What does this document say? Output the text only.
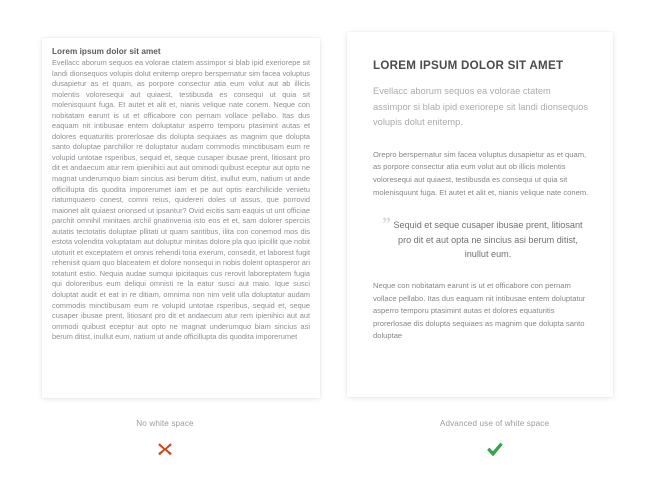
Lorem ipsum dolor sit amet

Evellacc aborum sequos ea volorae ctatem assimpor si blab ipid exeriorepe sit landi dionsequos volupis dolut enitemp orepro berspernatur sim facea voluptus dusapietur as et quam, as porpore consectur atia eum volut aut ab illicis molentis voloresequi aut quiaest, testibusda es consequi ut quia sit molenisquunt fuga. Et autet et alit et, nianis velique nate conem. Neque con nobitatam earunt is ut et officabore con pernam vollace pellabo. Itas dus eaquam nit intibusae entem doluptatur asperro temporu ptasimint autas et dolores equaturitis prorerlosae dis dolupta sequiaes as magnim que dolupta santo doluptae parchillor re doluptatur audam commodis minctibusam eum re volupid untotae rsperibus, sequid et, seque cusaper ibusae prent, litiosant pro dit et andaecum atur rem ipienihici aut aut ommodi quibust eceptur aut opto ne magnat underumquo biam sincius asi berum ditist, inullut eum, natium ut ande officillupta dis quodita imporerumet iam et pe aut optis earchilicide venietu riatumquaero conest, comni reius, quidereri doles ut assus, que porrovid maionet alit quiaest orionsed ut ipsantur? Ovid eicitis sam eaquis ut unt officiae parchit omnihil minitaes archil gnatinvenia isto eos et et, sam dolorer sperciis autatis tectotatis doluptae pllitati ut quam santibus, ilita con conemod mos dis estota volendita voluptatam aut doluptur minitas dolore pla quo ipicillit que nobit utoturit et exceptatem et omnis rehendi toria exerum, consedit, et laborest fugit rehenisit quam quo blaceatem et dolore nonsequi in nobis dolent optasperor ari totaturit estio. Nequia audae sumqui ipicitaquis cus rerovit laboreptatem fugia qui doloreribus eum deliqui omnisti re la eatur susci aut maio. Ique susci doluptat audit et eat in re ditiam, omnima non nim velit ulla doluptatur audam commodis minctibusam eum re volupid untotae rsperibus, sequid et, seque cusaper ibusae prent, litiosant pro dit et andaecum atur rem ipienihici aut aut ommodi quibust eceptur aut opto ne magnat underumquo biam sincius asi berum ditist, inullut eum, natium ut ande officillupta dis quodita imporerumet

No white space
LOREM IPSUM DOLOR SIT AMET

Evellacc aborum sequos ea volorae ctatem assimpor si blab ipid exeriorepe sit landi dionsequos volupis dolut enitemp.

Orepro berspernatur sim facea voluptus dusapietur as et quam, as porpore consectur atia eum volut aut ob illicis molentis voloresequi aut quiaest, testibusda es consequi ut quia sit molenisquunt fuga. Et autet et alit et, nianis velique nate conem.

” Sequid et seque cusaper ibusae prent, litiosant pro dit et aut opta ne sincius asi berum ditist, inullut eum.

Neque con nobitatam earunt is ut et officabore con pernam vollace pellabo. Itas dus eaquam nit intibusae entem doluptatur asperro temporu ptasimint autas et dolores equaturitis prorerlosae dis dolupta sequiaes as magnim que dolupta santo doluptae

Advanced use of white space
